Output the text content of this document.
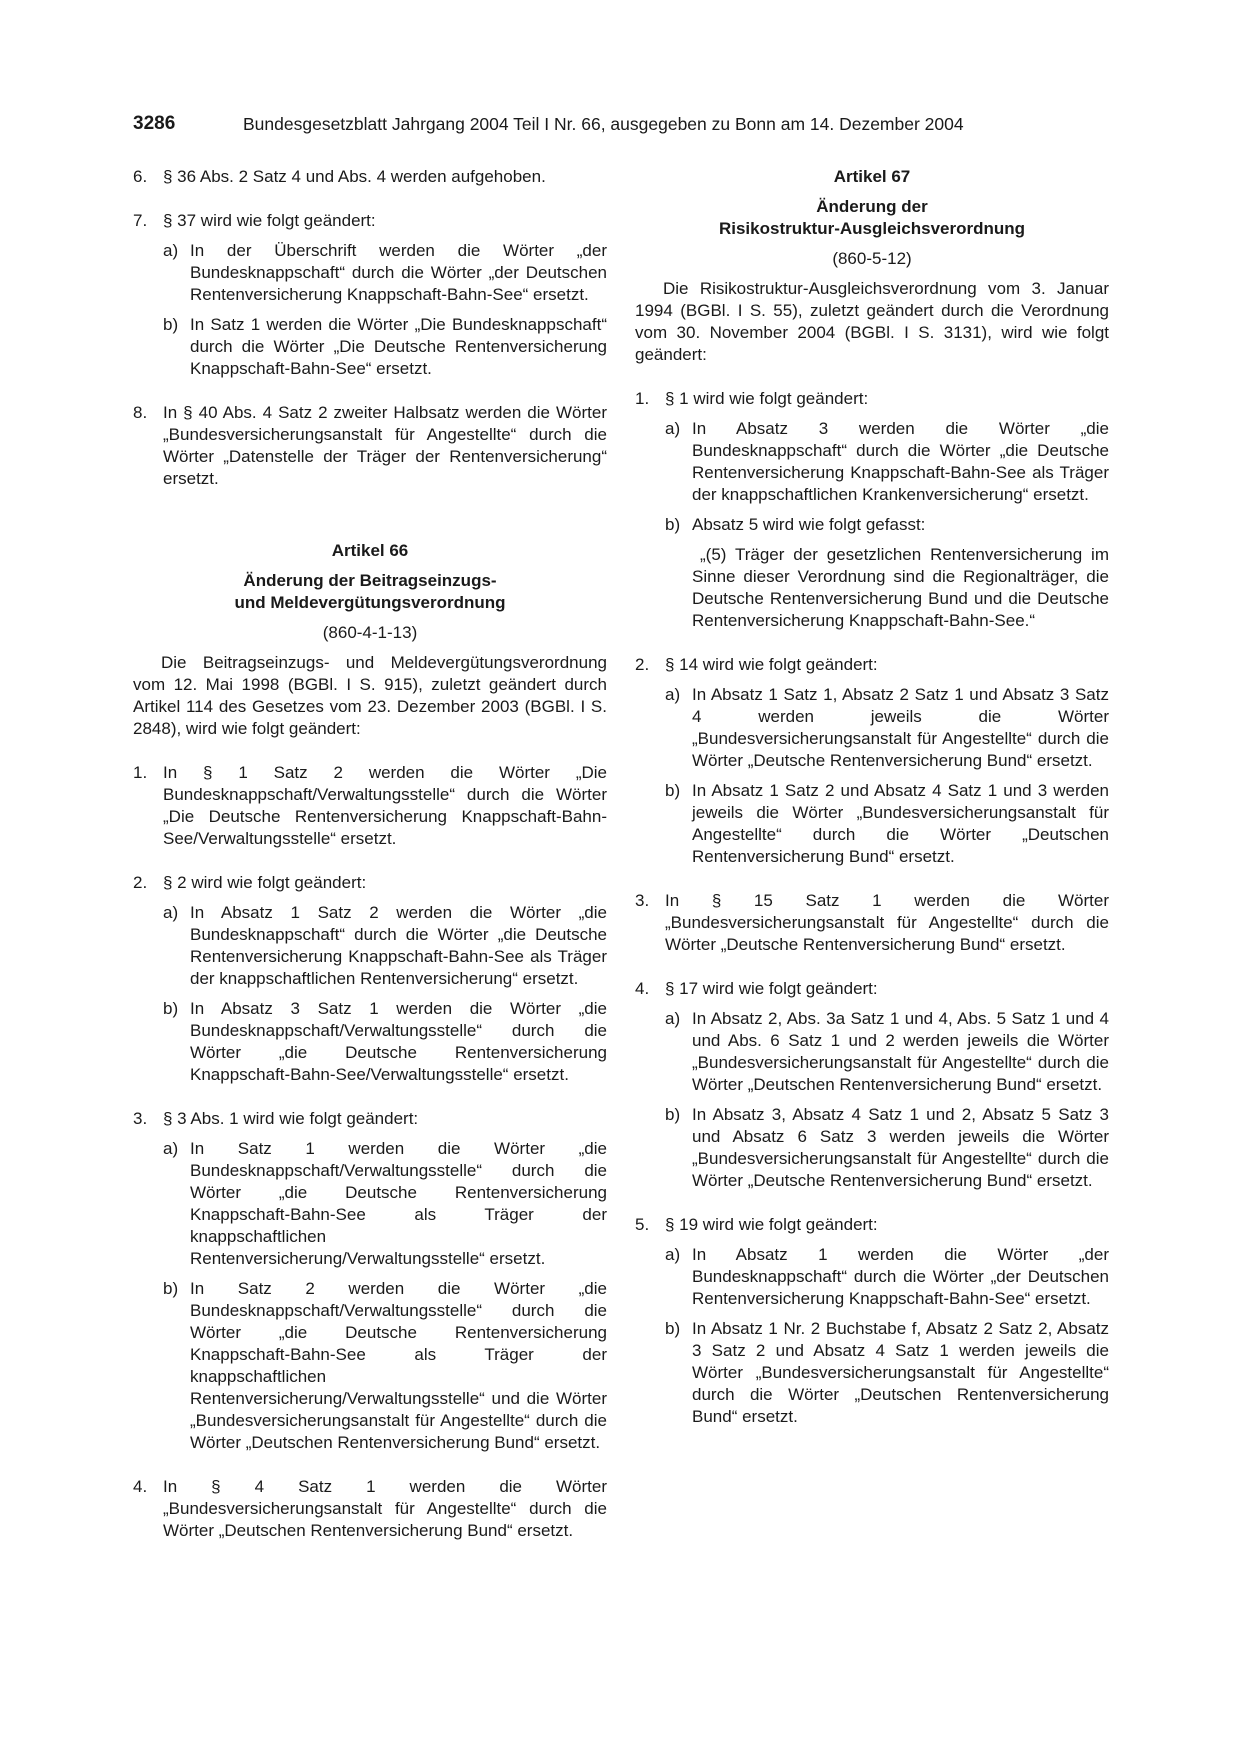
3286	Bundesgesetzblatt Jahrgang 2004 Teil I Nr. 66, ausgegeben zu Bonn am 14. Dezember 2004
6. § 36 Abs. 2 Satz 4 und Abs. 4 werden aufgehoben.
7. § 37 wird wie folgt geändert:
a) In der Überschrift werden die Wörter „der Bundesknappschaft“ durch die Wörter „der Deutschen Rentenversicherung Knappschaft-Bahn-See“ ersetzt.
b) In Satz 1 werden die Wörter „Die Bundesknappschaft“ durch die Wörter „Die Deutsche Rentenversicherung Knappschaft-Bahn-See“ ersetzt.
8. In § 40 Abs. 4 Satz 2 zweiter Halbsatz werden die Wörter „Bundesversicherungsanstalt für Angestellte“ durch die Wörter „Datenstelle der Träger der Rentenversicherung“ ersetzt.

Artikel 66

Änderung der Beitragseinzugs-

und Meldevergütungsverordnung

(860-4-1-13)

Die Beitragseinzugs- und Meldevergütungsverordnung vom 12. Mai 1998 (BGBl. I S. 915), zuletzt geändert durch Artikel 114 des Gesetzes vom 23. Dezember 2003 (BGBl. I S. 2848), wird wie folgt geändert:

1. In § 1 Satz 2 werden die Wörter „Die Bundesknappschaft/Verwaltungsstelle“ durch die Wörter „Die Deutsche Rentenversicherung Knappschaft-Bahn-See/Verwaltungsstelle“ ersetzt.
2. § 2 wird wie folgt geändert:
a) In Absatz 1 Satz 2 werden die Wörter „die Bundesknappschaft“ durch die Wörter „die Deutsche Rentenversicherung Knappschaft-Bahn-See als Träger der knappschaftlichen Rentenversicherung“ ersetzt.
b) In Absatz 3 Satz 1 werden die Wörter „die Bundesknappschaft/Verwaltungsstelle“ durch die Wörter „die Deutsche Rentenversicherung Knappschaft-Bahn-See/Verwaltungsstelle“ ersetzt.
3. § 3 Abs. 1 wird wie folgt geändert:
a) In Satz 1 werden die Wörter „die Bundesknappschaft/Verwaltungsstelle“ durch die Wörter „die Deutsche Rentenversicherung Knappschaft-Bahn-See als Träger der knappschaftlichen Rentenversicherung/Verwaltungsstelle“ ersetzt.
b) In Satz 2 werden die Wörter „die Bundesknappschaft/Verwaltungsstelle“ durch die Wörter „die Deutsche Rentenversicherung Knappschaft-Bahn-See als Träger der knappschaftlichen Rentenversicherung/Verwaltungsstelle“ und die Wörter „Bundesversicherungsanstalt für Angestellte“ durch die Wörter „Deutschen Rentenversicherung Bund“ ersetzt.
4. In § 4 Satz 1 werden die Wörter „Bundesversicherungsanstalt für Angestellte“ durch die Wörter „Deutschen Rentenversicherung Bund“ ersetzt.

Artikel 67

Änderung der

Risikostruktur-Ausgleichsverordnung

(860-5-12)

Die Risikostruktur-Ausgleichsverordnung vom 3. Januar 1994 (BGBl. I S. 55), zuletzt geändert durch die Verordnung vom 30. November 2004 (BGBl. I S. 3131), wird wie folgt geändert:

1. § 1 wird wie folgt geändert:
a) In Absatz 3 werden die Wörter „die Bundesknappschaft“ durch die Wörter „die Deutsche Rentenversicherung Knappschaft-Bahn-See als Träger der knappschaftlichen Krankenversicherung“ ersetzt.
b) Absatz 5 wird wie folgt gefasst:

„(5) Träger der gesetzlichen Rentenversicherung im Sinne dieser Verordnung sind die Regionalträger, die Deutsche Rentenversicherung Bund und die Deutsche Rentenversicherung Knappschaft-Bahn-See.“

2. § 14 wird wie folgt geändert:
a) In Absatz 1 Satz 1, Absatz 2 Satz 1 und Absatz 3 Satz 4 werden jeweils die Wörter „Bundesversicherungsanstalt für Angestellte“ durch die Wörter „Deutsche Rentenversicherung Bund“ ersetzt.
b) In Absatz 1 Satz 2 und Absatz 4 Satz 1 und 3 werden jeweils die Wörter „Bundesversicherungsanstalt für Angestellte“ durch die Wörter „Deutschen Rentenversicherung Bund“ ersetzt.
3. In § 15 Satz 1 werden die Wörter „Bundesversicherungsanstalt für Angestellte“ durch die Wörter „Deutsche Rentenversicherung Bund“ ersetzt.
4. § 17 wird wie folgt geändert:
a) In Absatz 2, Abs. 3a Satz 1 und 4, Abs. 5 Satz 1 und 4 und Abs. 6 Satz 1 und 2 werden jeweils die Wörter „Bundesversicherungsanstalt für Angestellte“ durch die Wörter „Deutschen Rentenversicherung Bund“ ersetzt.
b) In Absatz 3, Absatz 4 Satz 1 und 2, Absatz 5 Satz 3 und Absatz 6 Satz 3 werden jeweils die Wörter „Bundesversicherungsanstalt für Angestellte“ durch die Wörter „Deutsche Rentenversicherung Bund“ ersetzt.
5. § 19 wird wie folgt geändert:
a) In Absatz 1 werden die Wörter „der Bundesknappschaft“ durch die Wörter „der Deutschen Rentenversicherung Knappschaft-Bahn-See“ ersetzt.
b) In Absatz 1 Nr. 2 Buchstabe f, Absatz 2 Satz 2, Absatz 3 Satz 2 und Absatz 4 Satz 1 werden jeweils die Wörter „Bundesversicherungsanstalt für Angestellte“ durch die Wörter „Deutschen Rentenversicherung Bund“ ersetzt.
